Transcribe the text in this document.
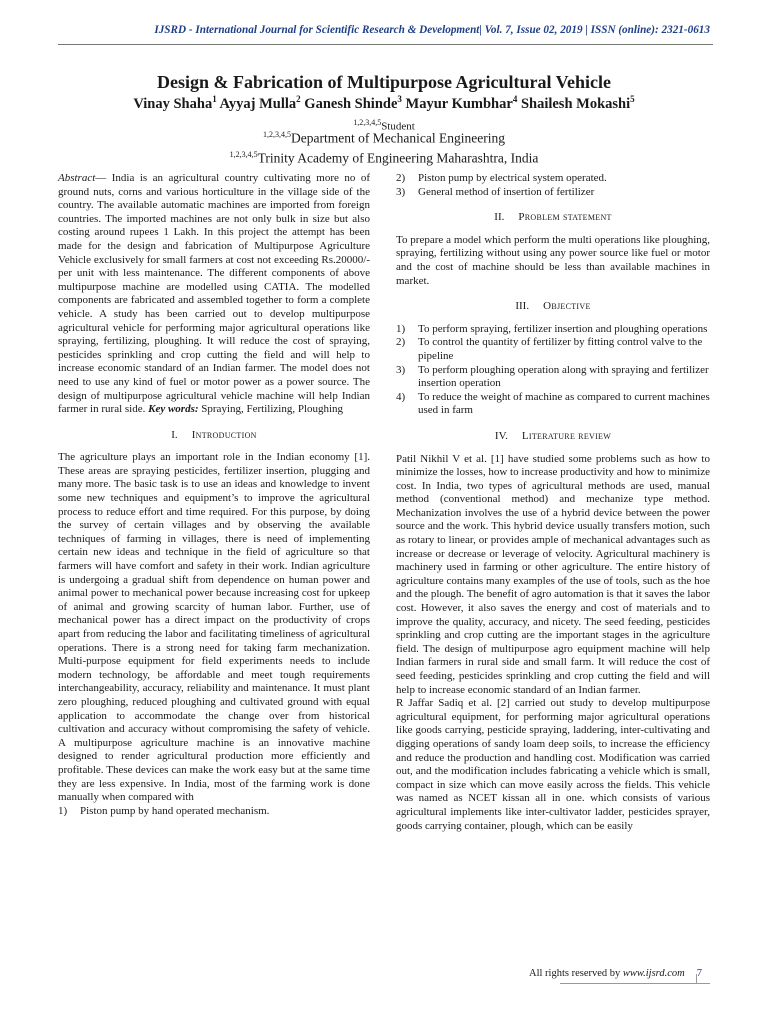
IJSRD - International Journal for Scientific Research & Development| Vol. 7, Issue 02, 2019 | ISSN (online): 2321-0613
Design & Fabrication of Multipurpose Agricultural Vehicle
Vinay Shaha$^1$ Ayyaj Mulla$^2$ Ganesh Shinde$^3$ Mayur Kumbhar$^4$ Shailesh Mokashi$^5$
$^{1,2,3,4,5}$Student
$^{1,2,3,4,5}$Department of Mechanical Engineering
$^{1,2,3,4,5}$Trinity Academy of Engineering Maharashtra, India

Abstract— India is an agricultural country cultivating more no of ground nuts, corns and various horticulture in the village side of the country. The available automatic machines are imported from foreign countries. The imported machines are not only bulk in size but also costing around rupees 1 Lakh. In this project the attempt has been made for the design and fabrication of Multipurpose Agriculture Vehicle exclusively for small farmers at cost not exceeding Rs.20000/- per unit with less maintenance. The different components of above multipurpose machine are modelled using CATIA. The modelled components are fabricated and assembled together to form a complete vehicle. A study has been carried out to develop multipurpose agricultural vehicle for performing major agricultural operations like spraying, fertilizing, ploughing. It will reduce the cost of spraying, pesticides sprinkling and crop cutting the field and will help to increase economic standard of an Indian farmer. The model does not need to use any kind of fuel or motor power as a power source. The design of multipurpose agricultural vehicle machine will help Indian farmer in rural side. Key words: Spraying, Fertilizing, Ploughing

I. Introduction

The agriculture plays an important role in the Indian economy [1]. These areas are spraying pesticides, fertilizer insertion, plugging and many more. The basic task is to use an ideas and knowledge to invent some new techniques and equipment’s to improve the agricultural process to reduce effort and time required. For this purpose, by doing the survey of certain villages and by observing the available techniques of farming in villages, there is need of implementing certain new ideas and technique in the field of agriculture so that farmers will have comfort and safety in their work. Indian agriculture is undergoing a gradual shift from dependence on human power and animal power to mechanical power because increasing cost for upkeep of animal and growing scarcity of human labor. Further, use of mechanical power has a direct impact on the productivity of crops apart from reducing the labor and facilitating timeliness of agricultural operations. There is a strong need for taking farm mechanization. Multi-purpose equipment for field experiments needs to include modern technology, be affordable and meet tough requirements interchangeability, accuracy, reliability and maintenance. It must plant zero ploughing, reduced ploughing and cultivated ground with equal application to accommodate the change over from historical cultivation and accuracy without compromising the safety of vehicle. A multipurpose agriculture machine is an innovative machine designed to render agricultural production more efficiently and profitable. These devices can make the work easy but at the same time they are less expensive. In India, most of the farming work is done manually when compared with

1)	Piston pump by hand operated mechanism.
2)	Piston pump by electrical system operated.
3)	General method of insertion of fertilizer
II. Problem statement

To prepare a model which perform the multi operations like ploughing, spraying, fertilizing without using any power source like fuel or motor and the cost of machine should be less than available machines in market.

III. Objective
1)	To perform spraying, fertilizer insertion and ploughing operations
2)	To control the quantity of fertilizer by fitting control valve to the pipeline
3)	To perform ploughing operation along with spraying and fertilizer insertion operation
4)	To reduce the weight of machine as compared to current machines used in farm
IV. Literature review

Patil Nikhil V et al. [1] have studied some problems such as how to minimize the losses, how to increase productivity and how to minimize cost. In India, two types of agricultural methods are used, manual method (conventional method) and mechanize type method. Mechanization involves the use of a hybrid device between the power source and the work. This hybrid device usually transfers motion, such as rotary to linear, or provides ample of mechanical advantages such as increase or decrease or leverage of velocity. Agricultural machinery is machinery used in farming or other agriculture. The entire history of agriculture contains many examples of the use of tools, such as the hoe and the plough. The benefit of agro automation is that it saves the labor cost. However, it also saves the energy and cost of materials and to improve the quality, accuracy, and nicety. The seed feeding, pesticides sprinkling and crop cutting are the important stages in the agriculture field. The design of multipurpose agro equipment machine will help Indian farmers in rural side and small farm. It will reduce the cost of seed feeding, pesticides sprinkling and crop cutting the field and will help to increase economic standard of an Indian farmer.

R Jaffar Sadiq et al. [2] carried out study to develop multipurpose agricultural equipment, for performing major agricultural operations like goods carrying, pesticide spraying, laddering, inter-cultivating and digging operations of sandy loam deep soils, to increase the efficiency and reduce the production and handling cost. Modification was carried out, and the modification includes fabricating a vehicle which is small, compact in size which can move easily across the fields. This vehicle was named as NCET kissan all in one. which consists of various agricultural implements like inter-cultivator ladder, pesticides sprayer, goods carrying container, plough, which can be easily

All rights reserved by www.ijsrd.com 7
